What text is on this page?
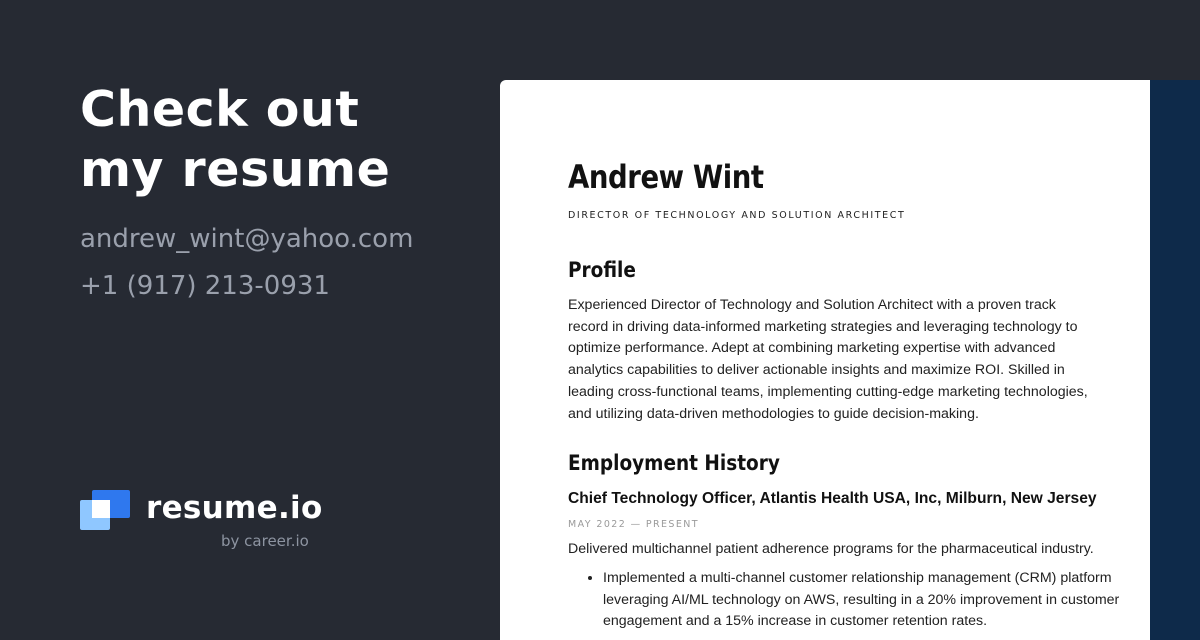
Check out
my resume
andrew_wint@yahoo.com
+1 (917) 213-0931
resume.io
by career.io
Andrew Wint
DIRECTOR OF TECHNOLOGY AND SOLUTION ARCHITECT
Profile
Experienced Director of Technology and Solution Architect with a proven track record in driving data-informed marketing strategies and leveraging technology to optimize performance. Adept at combining marketing expertise with advanced analytics capabilities to deliver actionable insights and maximize ROI. Skilled in leading cross-functional teams, implementing cutting-edge marketing technologies, and utilizing data-driven methodologies to guide decision-making.
Employment History
Chief Technology Officer, Atlantis Health USA, Inc, Milburn, New Jersey
MAY 2022 — PRESENT
Delivered multichannel patient adherence programs for the pharmaceutical industry.
• Implemented a multi-channel customer relationship management (CRM) platform leveraging AI/ML technology on AWS, resulting in a 20% improvement in customer engagement and a 15% increase in customer retention rates.
